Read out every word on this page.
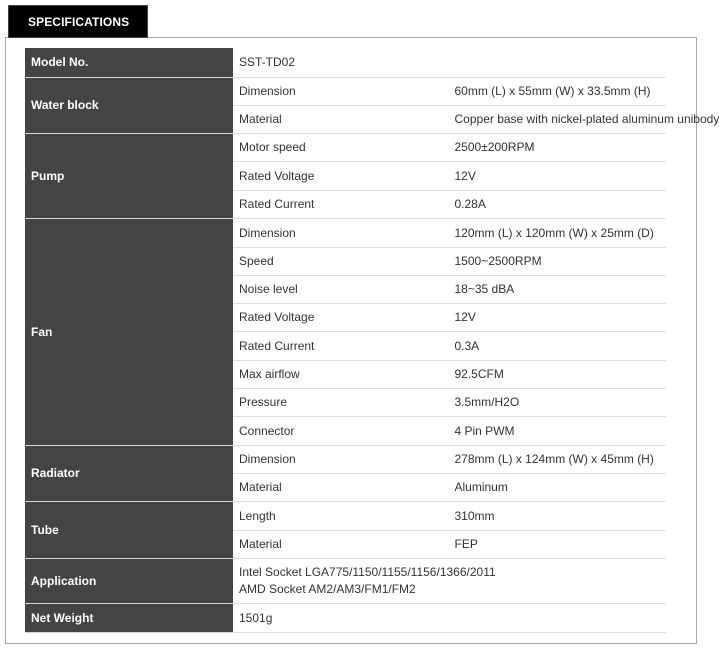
SPECIFICATIONS
Model No.	SST-TD02	
Water block	Dimension	60mm (L) x 55mm (W) x 33.5mm (H)
	Material	Copper base with nickel-plated aluminum unibody
Pump	Motor speed	2500±200RPM
	Rated Voltage	12V
	Rated Current	0.28A
Fan	Dimension	120mm (L) x 120mm (W) x 25mm (D)
	Speed	1500~2500RPM
	Noise level	18~35 dBA
	Rated Voltage	12V
	Rated Current	0.3A
	Max airflow	92.5CFM
	Pressure	3.5mm/H2O
	Connector	4 Pin PWM
Radiator	Dimension	278mm (L) x 124mm (W) x 45mm (H)
	Material	Aluminum
Tube	Length	310mm
	Material	FEP
Application	Intel Socket LGA775/1150/1155/1156/1366/2011
AMD Socket AM2/AM3/FM1/FM2	

Net Weight	1501g	
